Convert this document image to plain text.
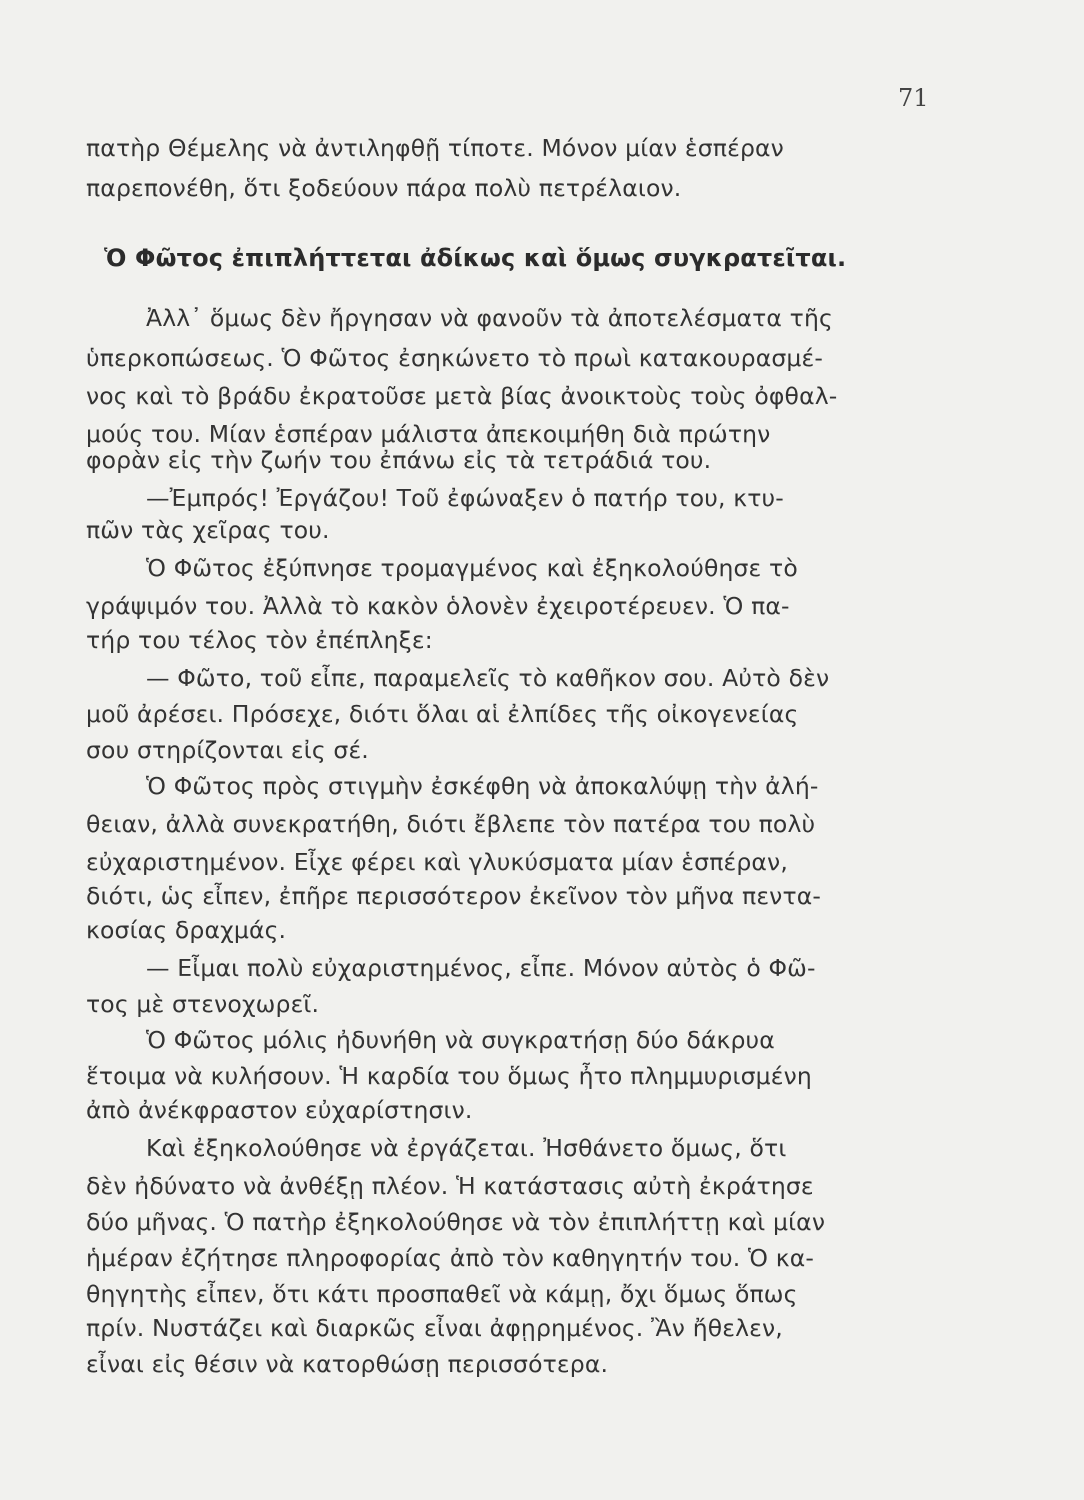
71
πατὴρ Θέμελης νὰ ἀντιληφθῇ τίποτε. Μόνον μίαν ἑσπέραν
παρεπονέθη, ὅτι ξοδεύουν πάρα πολὺ πετρέλαιον.
Ὁ Φῶτος ἐπιπλήττεται ἀδίκως καὶ ὅμως συγκρατεῖται.
Ἀλλ᾽ ὅμως δὲν ἤργησαν νὰ φανοῦν τὰ ἀποτελέσματα τῆς
ὑπερκοπώσεως. Ὁ Φῶτος ἐσηκώνετο τὸ πρωὶ κατακουρασμέ-
νος καὶ τὸ βράδυ ἐκρατοῦσε μετὰ βίας ἀνοικτοὺς τοὺς ὀφθαλ-
μούς του. Μίαν ἑσπέραν μάλιστα ἀπεκοιμήθη διὰ πρώτην
φορὰν εἰς τὴν ζωήν του ἐπάνω εἰς τὰ τετράδιά του.
—Ἐμπρός! Ἐργάζου! Τοῦ ἐφώναξεν ὁ πατήρ του, κτυ-
πῶν τὰς χεῖρας του.
Ὁ Φῶτος ἐξύπνησε τρομαγμένος καὶ ἐξηκολούθησε τὸ
γράψιμόν του. Ἀλλὰ τὸ κακὸν ὁλονὲν ἐχειροτέρευεν. Ὁ πα-
τήρ του τέλος τὸν ἐπέπληξε:
— Φῶτο, τοῦ εἶπε, παραμελεῖς τὸ καθῆκον σου. Αὐτὸ δὲν
μοῦ ἀρέσει. Πρόσεχε, διότι ὅλαι αἱ ἐλπίδες τῆς οἰκογενείας
σου στηρίζονται εἰς σέ.
Ὁ Φῶτος πρὸς στιγμὴν ἐσκέφθη νὰ ἀποκαλύψῃ τὴν ἀλή-
θειαν, ἀλλὰ συνεκρατήθη, διότι ἔβλεπε τὸν πατέρα του πολὺ
εὐχαριστημένον. Εἶχε φέρει καὶ γλυκύσματα μίαν ἑσπέραν,
διότι, ὡς εἶπεν, ἐπῆρε περισσότερον ἐκεῖνον τὸν μῆνα πεντα-
κοσίας δραχμάς.
— Εἶμαι πολὺ εὐχαριστημένος, εἶπε. Μόνον αὐτὸς ὁ Φῶ-
τος μὲ στενοχωρεῖ.
Ὁ Φῶτος μόλις ἠδυνήθη νὰ συγκρατήσῃ δύο δάκρυα
ἕτοιμα νὰ κυλήσουν. Ἡ καρδία του ὅμως ἦτο πλημμυρισμένη
ἀπὸ ἀνέκφραστον εὐχαρίστησιν.
Καὶ ἐξηκολούθησε νὰ ἐργάζεται. Ἠσθάνετο ὅμως, ὅτι
δὲν ἠδύνατο νὰ ἀνθέξῃ πλέον. Ἡ κατάστασις αὐτὴ ἐκράτησε
δύο μῆνας. Ὁ πατὴρ ἐξηκολούθησε νὰ τὸν ἐπιπλήττῃ καὶ μίαν
ἡμέραν ἐζήτησε πληροφορίας ἀπὸ τὸν καθηγητήν του. Ὁ κα-
θηγητὴς εἶπεν, ὅτι κάτι προσπαθεῖ νὰ κάμῃ, ὄχι ὅμως ὅπως
πρίν. Νυστάζει καὶ διαρκῶς εἶναι ἀφῃρημένος. Ἂν ἤθελεν,
εἶναι εἰς θέσιν νὰ κατορθώσῃ περισσότερα.
